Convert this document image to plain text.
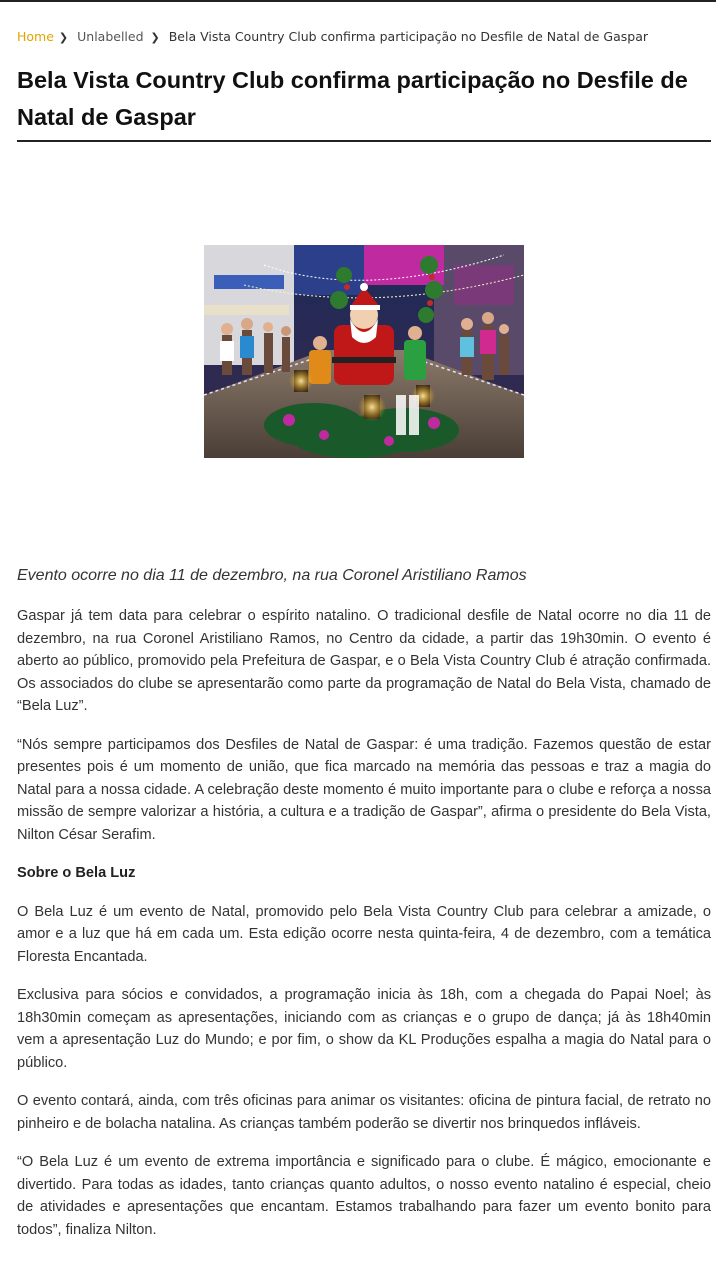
Home ❯ Unlabelled ❯ Bela Vista Country Club confirma participação no Desfile de Natal de Gaspar
Bela Vista Country Club confirma participação no Desfile de Natal de Gaspar

Evento ocorre no dia 11 de dezembro, na rua Coronel Aristiliano Ramos

Gaspar já tem data para celebrar o espírito natalino. O tradicional desfile de Natal ocorre no dia 11 de dezembro, na rua Coronel Aristiliano Ramos, no Centro da cidade, a partir das 19h30min. O evento é aberto ao público, promovido pela Prefeitura de Gaspar, e o Bela Vista Country Club é atração confirmada. Os associados do clube se apresentarão como parte da programação de Natal do Bela Vista, chamado de “Bela Luz”.

“Nós sempre participamos dos Desfiles de Natal de Gaspar: é uma tradição. Fazemos questão de estar presentes pois é um momento de união, que fica marcado na memória das pessoas e traz a magia do Natal para a nossa cidade. A celebração deste momento é muito importante para o clube e reforça a nossa missão de sempre valorizar a história, a cultura e a tradição de Gaspar”, afirma o presidente do Bela Vista, Nilton César Serafim.

Sobre o Bela Luz

O Bela Luz é um evento de Natal, promovido pelo Bela Vista Country Club para celebrar a amizade, o amor e a luz que há em cada um. Esta edição ocorre nesta quinta-feira, 4 de dezembro, com a temática Floresta Encantada.

Exclusiva para sócios e convidados, a programação inicia às 18h, com a chegada do Papai Noel; às 18h30min começam as apresentações, iniciando com as crianças e o grupo de dança; já às 18h40min vem a apresentação Luz do Mundo; e por fim, o show da KL Produções espalha a magia do Natal para o público.

O evento contará, ainda, com três oficinas para animar os visitantes: oficina de pintura facial, de retrato no pinheiro e de bolacha natalina. As crianças também poderão se divertir nos brinquedos infláveis.

“O Bela Luz é um evento de extrema importância e significado para o clube. É mágico, emocionante e divertido. Para todas as idades, tanto crianças quanto adultos, o nosso evento natalino é especial, cheio de atividades e apresentações que encantam. Estamos trabalhando para fazer um evento bonito para todos”, finaliza Nilton.
